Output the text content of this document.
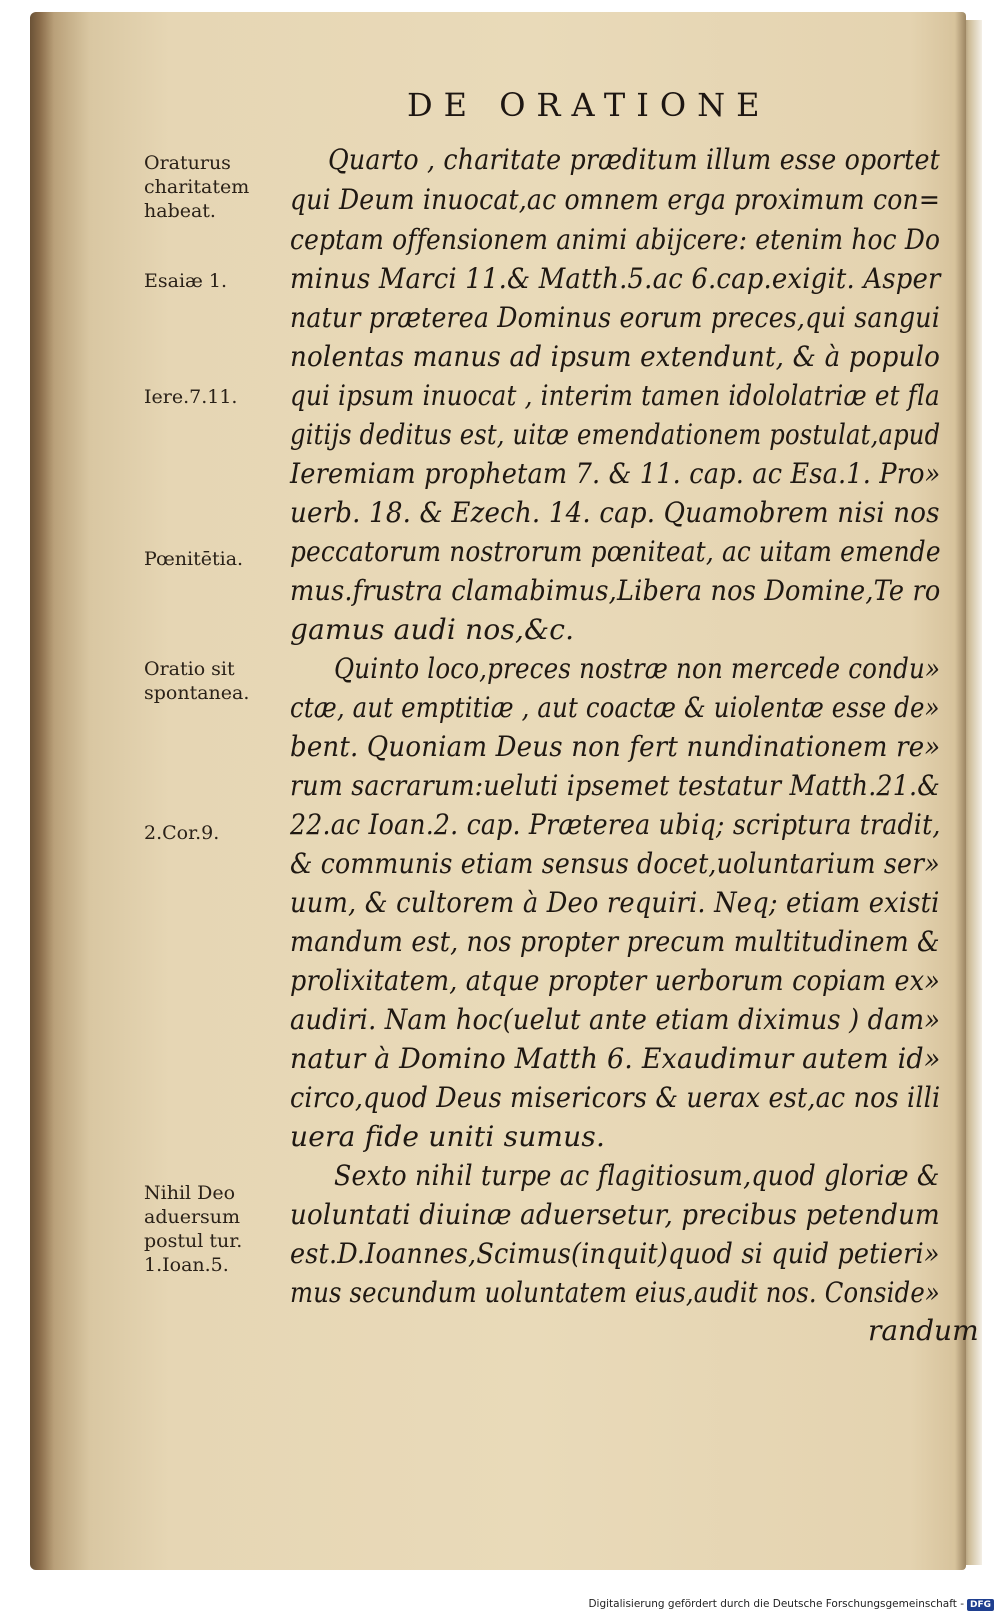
DE ORATIONE
Oraturus
charitatem
habeat.
Esaiæ 1.
Iere.7.11.
Pœnitētia.
Oratio sit
spontanea.
2.Cor.9.
Nihil Deo
aduersum
postul tur.
1.Ioan.5.
Quarto , charitate præditum illum esse oportet
qui Deum inuocat,ac omnem erga proximum con=
ceptam offensionem animi abijcere: etenim hoc Do
minus Marci 11.& Matth.5.ac 6.cap.exigit. Asper
natur præterea Dominus eorum preces,qui sangui
nolentas manus ad ipsum extendunt, & à populo
qui ipsum inuocat , interim tamen idololatriæ et fla
gitijs deditus est, uitæ emendationem postulat,apud
Ieremiam prophetam 7. & 11. cap. ac Esa.1. Pro»
uerb. 18. & Ezech. 14. cap. Quamobrem nisi nos
peccatorum nostrorum pœniteat, ac uitam emende
mus.frustra clamabimus,Libera nos Domine,Te ro
gamus audi nos,&c.
Quinto loco,preces nostræ non mercede condu»
ctæ, aut emptitiæ , aut coactæ & uiolentæ esse de»
bent. Quoniam Deus non fert nundinationem re»
rum sacrarum:ueluti ipsemet testatur Matth.21.&
22.ac Ioan.2. cap. Præterea ubiq; scriptura tradit,
& communis etiam sensus docet,uoluntarium ser»
uum, & cultorem à Deo requiri. Neq; etiam existi
mandum est, nos propter precum multitudinem &
prolixitatem, atque propter uerborum copiam ex»
audiri. Nam hoc(uelut ante etiam diximus ) dam»
natur à Domino Matth 6. Exaudimur autem id»
circo,quod Deus misericors & uerax est,ac nos illi
uera fide uniti sumus.
Sexto nihil turpe ac flagitiosum,quod gloriæ &
uoluntati diuinæ aduersetur, precibus petendum
est.D.Ioannes,Scimus(inquit)quod si quid petieri»
mus secundum uoluntatem eius,audit nos. Conside»
randum
Digitalisierung gefördert durch die Deutsche Forschungsgemeinschaft - DFG
